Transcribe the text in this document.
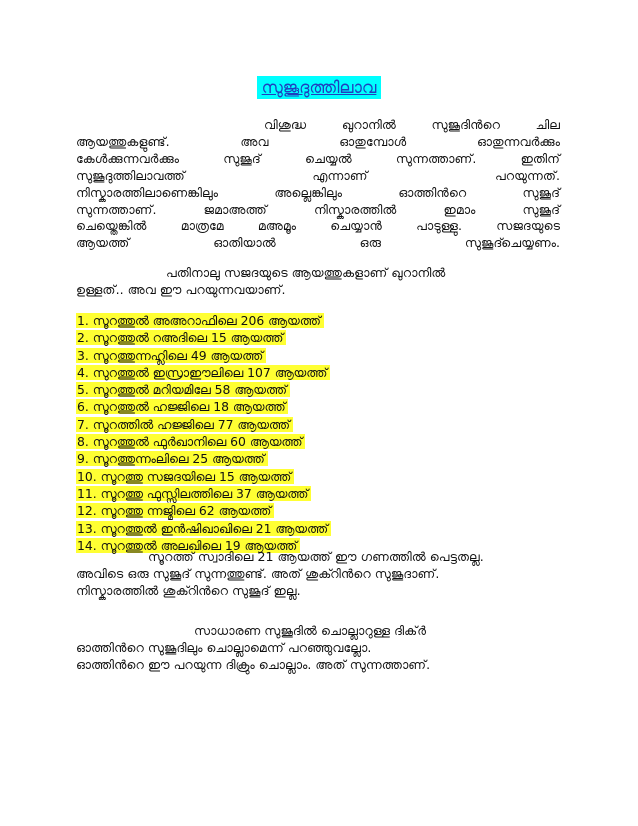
സുജൂദുത്തിലാവ

വിശുദ്ധ ഖുറാനിൽ സുജൂദിൻറെ ചില
ആയത്തുകളുണ്ട്. അവ ഓതുമ്പോൾ ഓതുന്നവർക്കും
കേൾക്കുന്നവർക്കും സുജൂദ് ചെയ്യൽ സുന്നത്താണ്. ഇതിന്
സുജൂദുത്തിലാവത്ത് എന്നാണ് പറയുന്നത്.
നിസ്കാരത്തിലാണെങ്കിലും അല്ലെങ്കിലും ഓത്തിൻറെ സുജൂദ്
സുന്നത്താണ്. ജമാഅത്ത് നിസ്കാരത്തിൽ ഇമാം സുജൂദ്
ചെയ്തെങ്കിൽ മാത്രമേ മഅമൂം ചെയ്യാൻ പാടുള്ളു. സജദയുടെ
ആയത്ത് ഓതിയാൽ ഒരു സുജൂദ്ചെയ്യണം.

പതിനാലു സജദയുടെ ആയത്തുകളാണ് ഖുറാനിൽ
ഉള്ളത്.. അവ ഈ പറയുന്നവയാണ്.

1. സൂറത്തുൽ അഅറാഫിലെ 206 ആയത്ത്
2. സൂറത്തുൽ റഅദിലെ 15 ആയത്ത്
3. സൂറത്തുന്നഹ്ലിലെ 49 ആയത്ത്
4. സുറത്തുൽ ഇസ്രാഈലിലെ 107 ആയത്ത്
5. സൂറത്തുൽ മറിയമിലേ 58 ആയത്ത്
6. സൂറത്തുൽ ഹജ്ജിലെ 18 ആയത്ത്
7. സൂറത്തിൽ ഹജ്ജിലെ 77 ആയത്ത്
8. സൂറത്തുൽ ഫുർഖാനിലെ 60 ആയത്ത്
9. സൂറത്തുന്നംലിലെ 25 ആയത്ത്
10. സൂറത്തു സജദയിലെ 15 ആയത്ത്
11. സൂറത്തു ഫുസ്സിലത്തിലെ 37 ആയത്ത്
12. സൂറത്തു ന്നജ്മിലെ 62 ആയത്ത്
13. സൂറത്തുൽ ഇൻഷിഖാഖിലെ 21 ആയത്ത്
14. സൂറത്തുൽ അലഖിലെ 19 ആയത്ത്

സൂറത്ത് സ്വാദിലെ 21 ആയത്ത് ഈ ഗണത്തിൽ പെട്ടതല്ല.
അവിടെ ഒരു സുജൂദ് സുന്നത്തുണ്ട്. അത് ശുക്റിൻറെ സുജൂദാണ്.
നിസ്കാരത്തിൽ ശുക്റിൻറെ സുജൂദ് ഇല്ല.

സാധാരണ സുജൂദിൽ ചൊല്ലാറുള്ള ദിക്ർ
ഓത്തിൻറെ സുജൂദിലും ചൊല്ലാമെന്ന് പറഞ്ഞുവല്ലോ.
ഓത്തിൻറെ ഈ പറയുന്ന ദിക്രും ചൊല്ലാം. അത് സുന്നത്താണ്.
